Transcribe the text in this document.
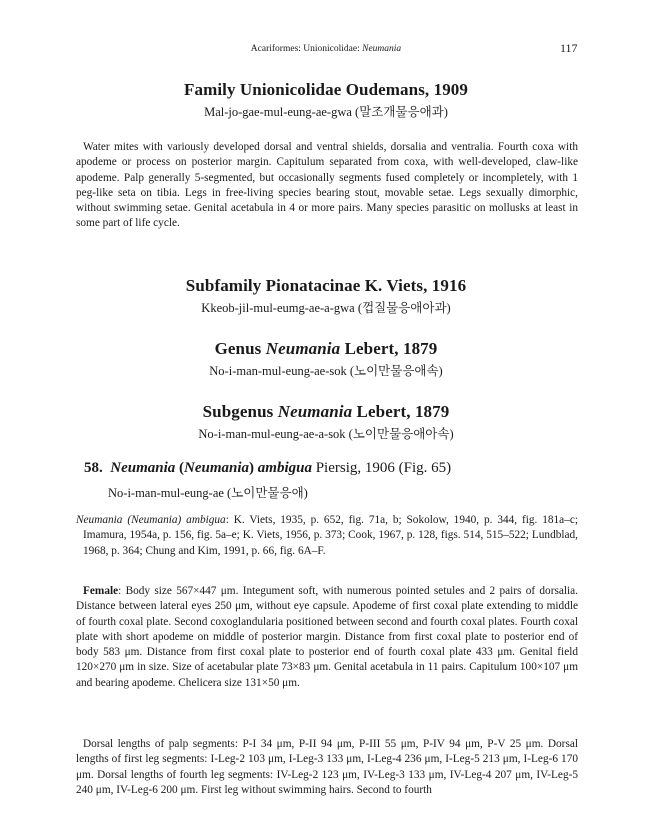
Acariformes: Unionicolidae: Neumania	117
Family Unionicolidae Oudemans, 1909
Mal-jo-gae-mul-eung-ae-gwa (말조개물응애과)

Water mites with variously developed dorsal and ventral shields, dorsalia and ventralia. Fourth coxa with apodeme or process on posterior margin. Capitulum separated from coxa, with well-developed, claw-like apodeme. Palp generally 5-segmented, but occasionally segments fused completely or incompletely, with 1 peg-like seta on tibia. Legs in free-living species bearing stout, movable setae. Legs sexually dimorphic, without swimming setae. Genital acetabula in 4 or more pairs. Many species parasitic on mollusks at least in some part of life cycle.

Subfamily Pionatacinae K. Viets, 1916
Kkeob-jil-mul-eumg-ae-a-gwa (껍질물응애아과)
Genus Neumania Lebert, 1879
No-i-man-mul-eung-ae-sok (노이만물응애속)
Subgenus Neumania Lebert, 1879
No-i-man-mul-eung-ae-a-sok (노이만물응애아속)
58. Neumania (Neumania) ambigua Piersig, 1906 (Fig. 65)
No-i-man-mul-eung-ae (노이만물응애)

Neumania (Neumania) ambigua: K. Viets, 1935, p. 652, fig. 71a, b; Sokolow, 1940, p. 344, fig. 181a–c; Imamura, 1954a, p. 156, fig. 5a–e; K. Viets, 1956, p. 373; Cook, 1967, p. 128, figs. 514, 515–522; Lundblad, 1968, p. 364; Chung and Kim, 1991, p. 66, fig. 6A–F.

Female: Body size 567×447 μm. Integument soft, with numerous pointed setules and 2 pairs of dorsalia. Distance between lateral eyes 250 μm, without eye capsule. Apodeme of first coxal plate extending to middle of fourth coxal plate. Second coxoglandularia positioned between second and fourth coxal plates. Fourth coxal plate with short apodeme on middle of posterior margin. Distance from first coxal plate to posterior end of body 583 μm. Distance from first coxal plate to posterior end of fourth coxal plate 433 μm. Genital field 120×270 μm in size. Size of acetabular plate 73×83 μm. Genital acetabula in 11 pairs. Capitulum 100×107 μm and bearing apodeme. Chelicera size 131×50 μm.

Dorsal lengths of palp segments: P-I 34 μm, P-II 94 μm, P-III 55 μm, P-IV 94 μm, P-V 25 μm. Dorsal lengths of first leg segments: I-Leg-2 103 μm, I-Leg-3 133 μm, I-Leg-4 236 μm, I-Leg-5 213 μm, I-Leg-6 170 μm. Dorsal lengths of fourth leg segments: IV-Leg-2 123 μm, IV-Leg-3 133 μm, IV-Leg-4 207 μm, IV-Leg-5 240 μm, IV-Leg-6 200 μm. First leg without swimming hairs. Second to fourth
